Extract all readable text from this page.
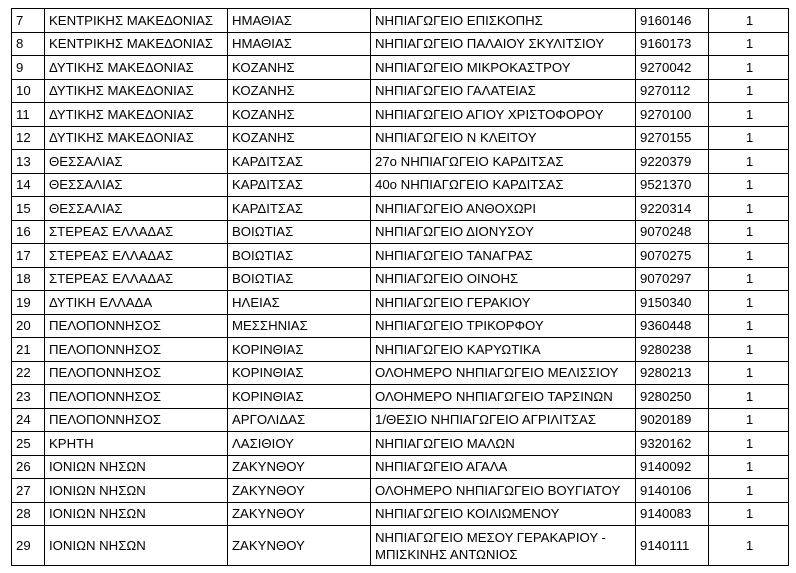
7	ΚΕΝΤΡΙΚΗΣ ΜΑΚΕΔΟΝΙΑΣ	ΗΜΑΘΙΑΣ	ΝΗΠΙΑΓΩΓΕΙΟ ΕΠΙΣΚΟΠΗΣ	9160146	1
8	ΚΕΝΤΡΙΚΗΣ ΜΑΚΕΔΟΝΙΑΣ	ΗΜΑΘΙΑΣ	ΝΗΠΙΑΓΩΓΕΙΟ ΠΑΛΑΙΟΥ ΣΚΥΛΙΤΣΙΟΥ	9160173	1
9	ΔΥΤΙΚΗΣ ΜΑΚΕΔΟΝΙΑΣ	ΚΟΖΑΝΗΣ	ΝΗΠΙΑΓΩΓΕΙΟ ΜΙΚΡΟΚΑΣΤΡΟΥ	9270042	1
10	ΔΥΤΙΚΗΣ ΜΑΚΕΔΟΝΙΑΣ	ΚΟΖΑΝΗΣ	ΝΗΠΙΑΓΩΓΕΙΟ ΓΑΛΑΤΕΙΑΣ	9270112	1
11	ΔΥΤΙΚΗΣ ΜΑΚΕΔΟΝΙΑΣ	ΚΟΖΑΝΗΣ	ΝΗΠΙΑΓΩΓΕΙΟ ΑΓΙΟΥ ΧΡΙΣΤΟΦΟΡΟΥ	9270100	1
12	ΔΥΤΙΚΗΣ ΜΑΚΕΔΟΝΙΑΣ	ΚΟΖΑΝΗΣ	ΝΗΠΙΑΓΩΓΕΙΟ Ν ΚΛΕΙΤΟΥ	9270155	1
13	ΘΕΣΣΑΛΙΑΣ	ΚΑΡΔΙΤΣΑΣ	27ο ΝΗΠΙΑΓΩΓΕΙΟ ΚΑΡΔΙΤΣΑΣ	9220379	1
14	ΘΕΣΣΑΛΙΑΣ	ΚΑΡΔΙΤΣΑΣ	40ο ΝΗΠΙΑΓΩΓΕΙΟ ΚΑΡΔΙΤΣΑΣ	9521370	1
15	ΘΕΣΣΑΛΙΑΣ	ΚΑΡΔΙΤΣΑΣ	ΝΗΠΙΑΓΩΓΕΙΟ ΑΝΘΟΧΩΡΙ	9220314	1
16	ΣΤΕΡΕΑΣ ΕΛΛΑΔΑΣ	ΒΟΙΩΤΙΑΣ	ΝΗΠΙΑΓΩΓΕΙΟ ΔΙΟΝΥΣΟΥ	9070248	1
17	ΣΤΕΡΕΑΣ ΕΛΛΑΔΑΣ	ΒΟΙΩΤΙΑΣ	ΝΗΠΙΑΓΩΓΕΙΟ ΤΑΝΑΓΡΑΣ	9070275	1
18	ΣΤΕΡΕΑΣ ΕΛΛΑΔΑΣ	ΒΟΙΩΤΙΑΣ	ΝΗΠΙΑΓΩΓΕΙΟ ΟΙΝΟΗΣ	9070297	1
19	ΔΥΤΙΚΗ ΕΛΛΑΔΑ	ΗΛΕΙΑΣ	ΝΗΠΙΑΓΩΓΕΙΟ ΓΕΡΑΚΙΟΥ	9150340	1
20	ΠΕΛΟΠΟΝΝΗΣΟΣ	ΜΕΣΣΗΝΙΑΣ	ΝΗΠΙΑΓΩΓΕΙΟ ΤΡΙΚΟΡΦΟΥ	9360448	1
21	ΠΕΛΟΠΟΝΝΗΣΟΣ	ΚΟΡΙΝΘΙΑΣ	ΝΗΠΙΑΓΩΓΕΙΟ ΚΑΡΥΩΤΙΚΑ	9280238	1
22	ΠΕΛΟΠΟΝΝΗΣΟΣ	ΚΟΡΙΝΘΙΑΣ	ΟΛΟΗΜΕΡΟ ΝΗΠΙΑΓΩΓΕΙΟ ΜΕΛΙΣΣΙΟΥ	9280213	1
23	ΠΕΛΟΠΟΝΝΗΣΟΣ	ΚΟΡΙΝΘΙΑΣ	ΟΛΟΗΜΕΡΟ ΝΗΠΙΑΓΩΓΕΙΟ ΤΑΡΣΙΝΩΝ	9280250	1
24	ΠΕΛΟΠΟΝΝΗΣΟΣ	ΑΡΓΟΛΙΔΑΣ	1/ΘΕΣΙΟ ΝΗΠΙΑΓΩΓΕΙΟ ΑΓΡΙΛΙΤΣΑΣ	9020189	1
25	ΚΡΗΤΗ	ΛΑΣΙΘΙΟΥ	ΝΗΠΙΑΓΩΓΕΙΟ ΜΑΛΩΝ	9320162	1
26	ΙΟΝΙΩΝ ΝΗΣΩΝ	ΖΑΚΥΝΘΟΥ	ΝΗΠΙΑΓΩΓΕΙΟ ΑΓΑΛΑ	9140092	1
27	ΙΟΝΙΩΝ ΝΗΣΩΝ	ΖΑΚΥΝΘΟΥ	ΟΛΟΗΜΕΡΟ ΝΗΠΙΑΓΩΓΕΙΟ ΒΟΥΓΙΑΤΟΥ	9140106	1
28	ΙΟΝΙΩΝ ΝΗΣΩΝ	ΖΑΚΥΝΘΟΥ	ΝΗΠΙΑΓΩΓΕΙΟ ΚΟΙΛΙΩΜΕΝΟΥ	9140083	1
29	ΙΟΝΙΩΝ ΝΗΣΩΝ	ΖΑΚΥΝΘΟΥ	ΝΗΠΙΑΓΩΓΕΙΟ ΜΕΣΟΥ ΓΕΡΑΚΑΡΙΟΥ - ΜΠΙΣΚΙΝΗΣ ΑΝΤΩΝΙΟΣ	9140111	1
